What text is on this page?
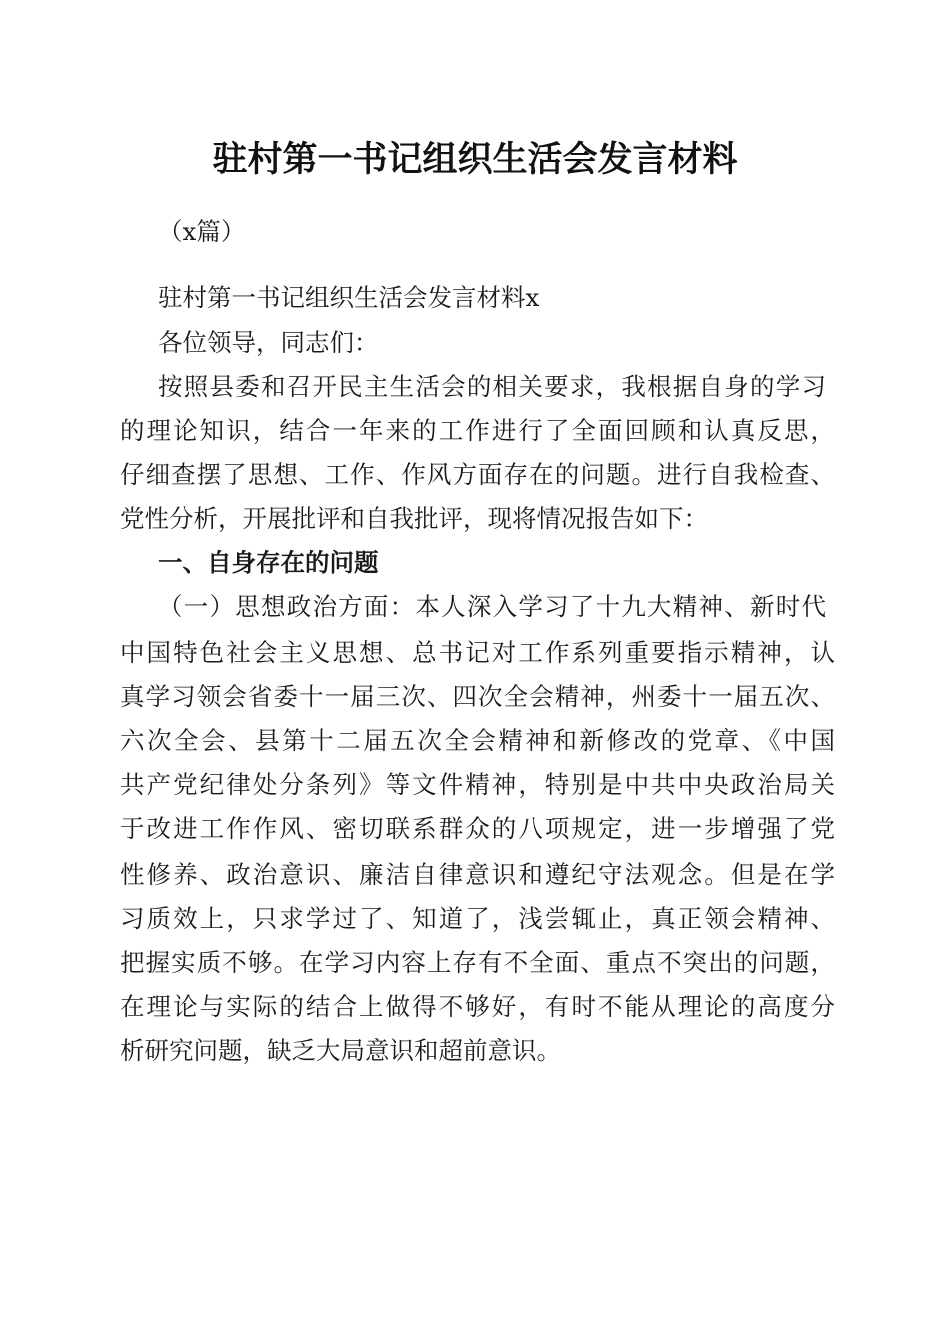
驻村第一书记组织生活会发言材料

（x篇）

驻村第一书记组织生活会发言材料x

各位领导，同志们：

按照县委和召开民主生活会的相关要求，我根据自身的学习

的理论知识，结合一年来的工作进行了全面回顾和认真反思，

仔细查摆了思想、工作、作风方面存在的问题。进行自我检查、

党性分析，开展批评和自我批评，现将情况报告如下：

一、自身存在的问题

（一）思想政治方面：本人深入学习了十九大精神、新时代

中国特色社会主义思想、总书记对工作系列重要指示精神，认

真学习领会省委十一届三次、四次全会精神，州委十一届五次、

六次全会、县第十二届五次全会精神和新修改的党章、《中国

共产党纪律处分条列》等文件精神，特别是中共中央政治局关

于改进工作作风、密切联系群众的八项规定，进一步增强了党

性修养、政治意识、廉洁自律意识和遵纪守法观念。但是在学

习质效上，只求学过了、知道了，浅尝辄止，真正领会精神、

把握实质不够。在学习内容上存有不全面、重点不突出的问题，

在理论与实际的结合上做得不够好，有时不能从理论的高度分

析研究问题，缺乏大局意识和超前意识。
